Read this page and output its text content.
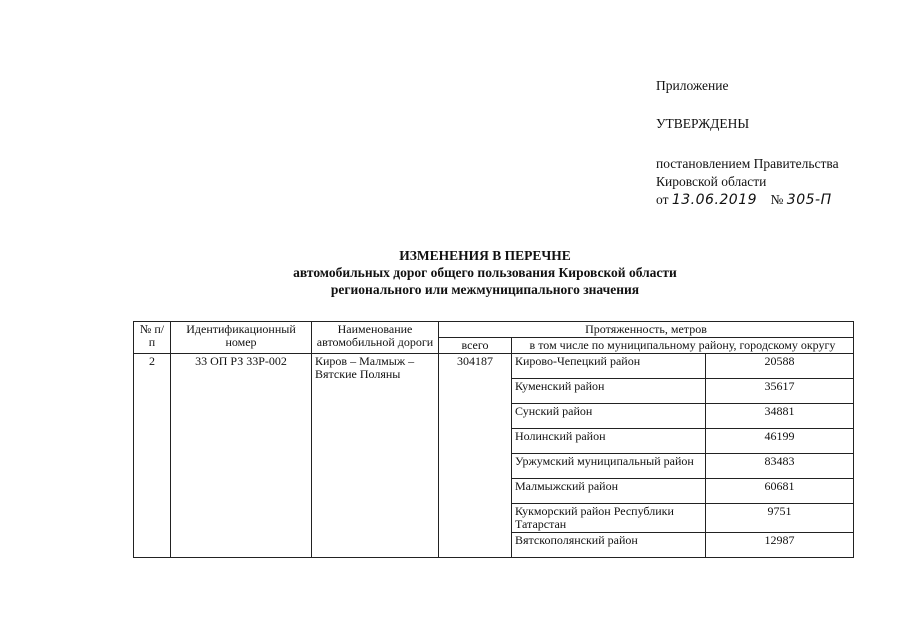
Приложение
УТВЕРЖДЕНЫ
постановлением Правительства
Кировской области
от 13.06.2019 № 305-П
ИЗМЕНЕНИЯ В ПЕРЕЧНЕ
автомобильных дорог общего пользования Кировской области
регионального или межмуниципального значения
№ п/п	Идентификационный номер	Наименование автомобильной дороги	Протяженность, метров		
			всего	в том числе по муниципальному району, городскому округу	
2	33 ОП РЗ 33Р-002	Киров – Малмыж – Вятские Поляны	304187	Кирово-Чепецкий район	20588
				Куменский район	35617
				Сунский район	34881
				Нолинский район	46199
				Уржумский муниципальный район	83483
				Малмыжский район	60681
				Кукморский район Республики Татарстан	9751
				Вятскополянский район	12987
